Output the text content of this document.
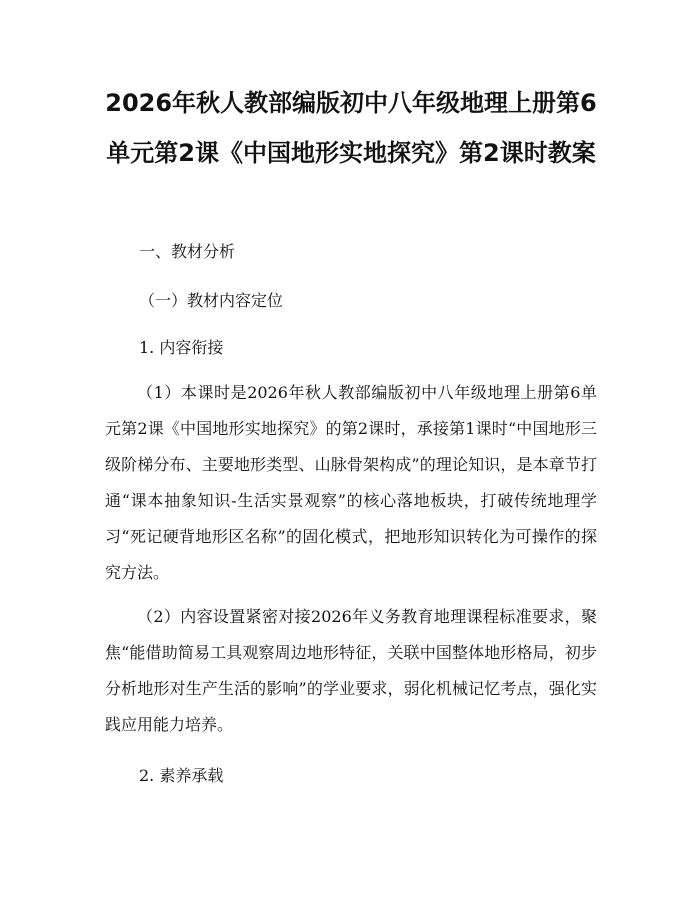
2026年秋人教部编版初中八年级地理上册第6单元第2课《中国地形实地探究》第2课时教案

一、教材分析

（一）教材内容定位

1. 内容衔接

（1）本课时是2026年秋人教部编版初中八年级地理上册第6单元第2课《中国地形实地探究》的第2课时，承接第1课时“中国地形三级阶梯分布、主要地形类型、山脉骨架构成”的理论知识，是本章节打通“课本抽象知识-生活实景观察”的核心落地板块，打破传统地理学习“死记硬背地形区名称”的固化模式，把地形知识转化为可操作的探究方法。

（2）内容设置紧密对接2026年义务教育地理课程标准要求，聚焦“能借助简易工具观察周边地形特征，关联中国整体地形格局，初步分析地形对生产生活的影响”的学业要求，弱化机械记忆考点，强化实践应用能力培养。

2. 素养承载
